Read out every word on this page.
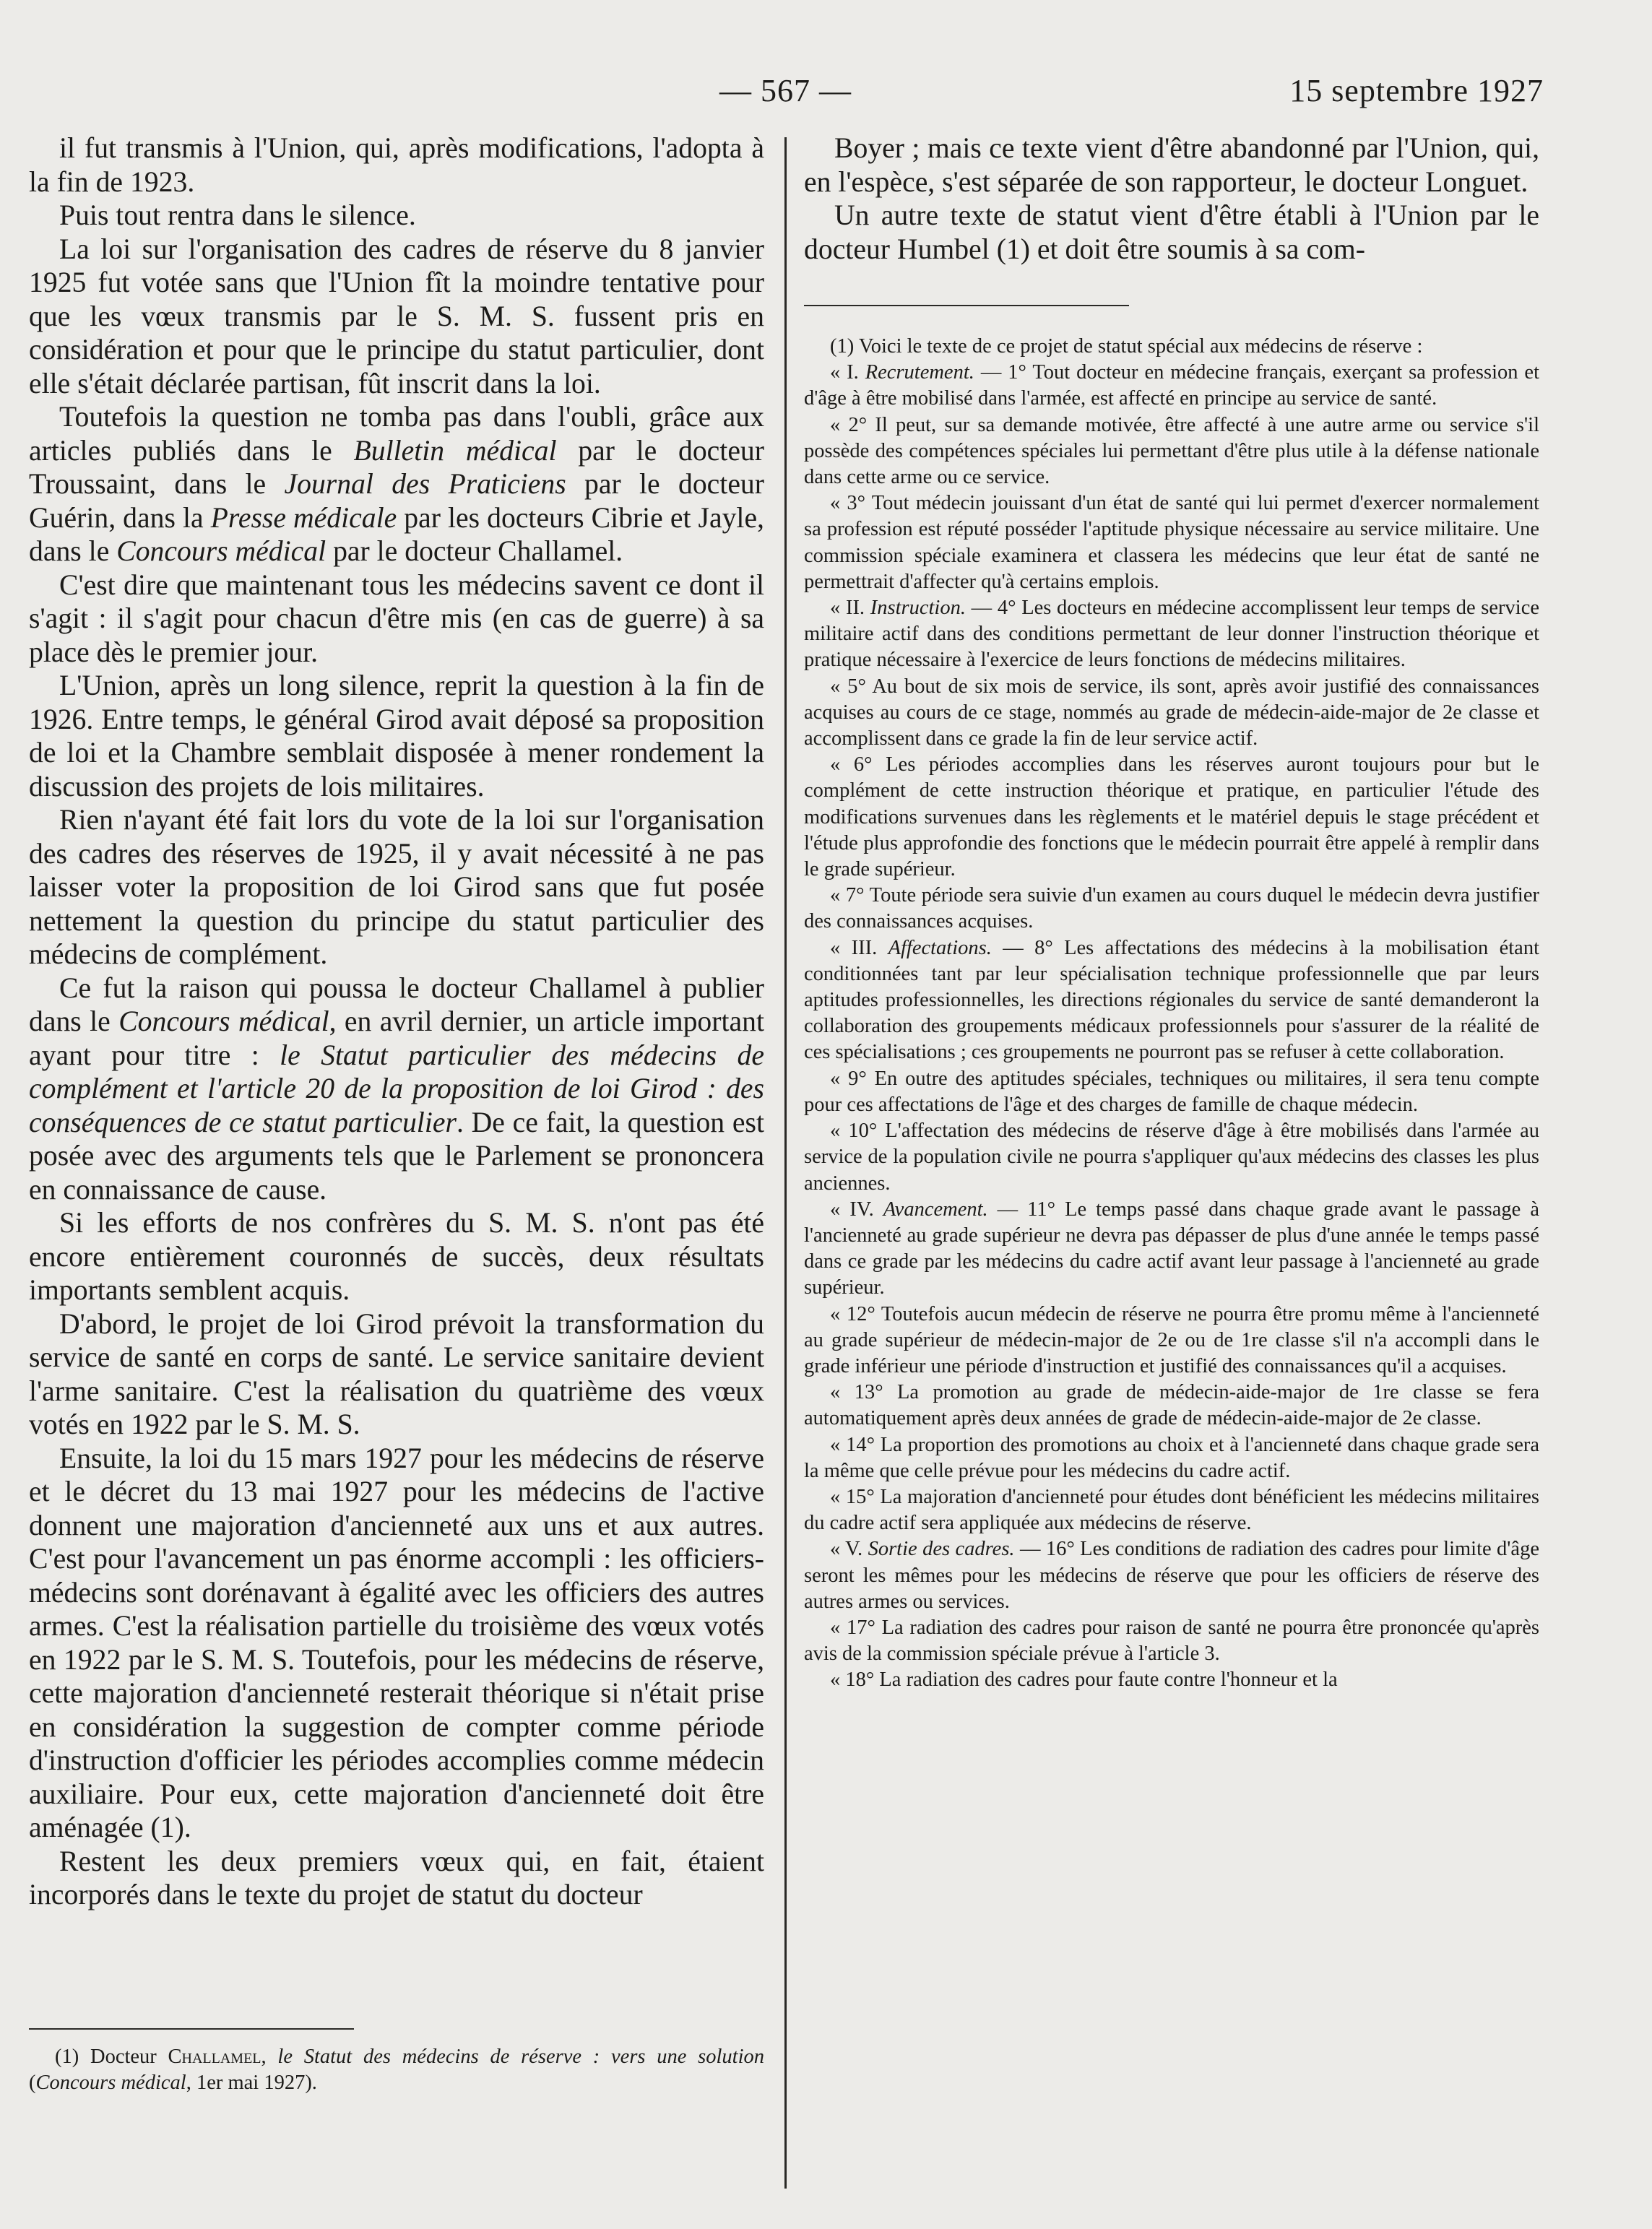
— 567 —	15 septembre 1927

il fut transmis à l'Union, qui, après modifications, l'adopta à la fin de 1923.

Puis tout rentra dans le silence.

La loi sur l'organisation des cadres de réserve du 8 janvier 1925 fut votée sans que l'Union fît la moindre tentative pour que les vœux transmis par le S. M. S. fussent pris en considération et pour que le principe du statut particulier, dont elle s'était déclarée partisan, fût inscrit dans la loi.

Toutefois la question ne tomba pas dans l'oubli, grâce aux articles publiés dans le Bulletin médical par le docteur Troussaint, dans le Journal des Praticiens par le docteur Guérin, dans la Presse médicale par les docteurs Cibrie et Jayle, dans le Concours médical par le docteur Challamel.

C'est dire que maintenant tous les médecins savent ce dont il s'agit : il s'agit pour chacun d'être mis (en cas de guerre) à sa place dès le premier jour.

L'Union, après un long silence, reprit la question à la fin de 1926. Entre temps, le général Girod avait déposé sa proposition de loi et la Chambre semblait disposée à mener rondement la discussion des projets de lois militaires.

Rien n'ayant été fait lors du vote de la loi sur l'organisation des cadres des réserves de 1925, il y avait nécessité à ne pas laisser voter la proposition de loi Girod sans que fut posée nettement la question du principe du statut particulier des médecins de complément.

Ce fut la raison qui poussa le docteur Challamel à publier dans le Concours médical, en avril dernier, un article important ayant pour titre : le Statut particulier des médecins de complément et l'article 20 de la proposition de loi Girod : des conséquences de ce statut particulier. De ce fait, la question est posée avec des arguments tels que le Parlement se prononcera en connaissance de cause.

Si les efforts de nos confrères du S. M. S. n'ont pas été encore entièrement couronnés de succès, deux résultats importants semblent acquis.

D'abord, le projet de loi Girod prévoit la transformation du service de santé en corps de santé. Le service sanitaire devient l'arme sanitaire. C'est la réalisation du quatrième des vœux votés en 1922 par le S. M. S.

Ensuite, la loi du 15 mars 1927 pour les médecins de réserve et le décret du 13 mai 1927 pour les médecins de l'active donnent une majoration d'ancienneté aux uns et aux autres. C'est pour l'avancement un pas énorme accompli : les officiers-médecins sont dorénavant à égalité avec les officiers des autres armes. C'est la réalisation partielle du troisième des vœux votés en 1922 par le S. M. S. Toutefois, pour les médecins de réserve, cette majoration d'ancienneté resterait théorique si n'était prise en considération la suggestion de compter comme période d'instruction d'officier les périodes accomplies comme médecin auxiliaire. Pour eux, cette majoration d'ancienneté doit être aménagée (1).

Restent les deux premiers vœux qui, en fait, étaient incorporés dans le texte du projet de statut du docteur

(1) Docteur Challamel, le Statut des médecins de réserve : vers une solution (Concours médical, 1er mai 1927).

Boyer ; mais ce texte vient d'être abandonné par l'Union, qui, en l'espèce, s'est séparée de son rapporteur, le docteur Longuet.

Un autre texte de statut vient d'être établi à l'Union par le docteur Humbel (1) et doit être soumis à sa com-

(1) Voici le texte de ce projet de statut spécial aux médecins de réserve :

« I. Recrutement. — 1° Tout docteur en médecine français, exerçant sa profession et d'âge à être mobilisé dans l'armée, est affecté en principe au service de santé.

« 2° Il peut, sur sa demande motivée, être affecté à une autre arme ou service s'il possède des compétences spéciales lui permettant d'être plus utile à la défense nationale dans cette arme ou ce service.

« 3° Tout médecin jouissant d'un état de santé qui lui permet d'exercer normalement sa profession est réputé posséder l'aptitude physique nécessaire au service militaire. Une commission spéciale examinera et classera les médecins que leur état de santé ne permettrait d'affecter qu'à certains emplois.

« II. Instruction. — 4° Les docteurs en médecine accomplissent leur temps de service militaire actif dans des conditions permettant de leur donner l'instruction théorique et pratique nécessaire à l'exercice de leurs fonctions de médecins militaires.

« 5° Au bout de six mois de service, ils sont, après avoir justifié des connaissances acquises au cours de ce stage, nommés au grade de médecin-aide-major de 2e classe et accomplissent dans ce grade la fin de leur service actif.

« 6° Les périodes accomplies dans les réserves auront toujours pour but le complément de cette instruction théorique et pratique, en particulier l'étude des modifications survenues dans les règlements et le matériel depuis le stage précédent et l'étude plus approfondie des fonctions que le médecin pourrait être appelé à remplir dans le grade supérieur.

« 7° Toute période sera suivie d'un examen au cours duquel le médecin devra justifier des connaissances acquises.

« III. Affectations. — 8° Les affectations des médecins à la mobilisation étant conditionnées tant par leur spécialisation technique professionnelle que par leurs aptitudes professionnelles, les directions régionales du service de santé demanderont la collaboration des groupements médicaux professionnels pour s'assurer de la réalité de ces spécialisations ; ces groupements ne pourront pas se refuser à cette collaboration.

« 9° En outre des aptitudes spéciales, techniques ou militaires, il sera tenu compte pour ces affectations de l'âge et des charges de famille de chaque médecin.

« 10° L'affectation des médecins de réserve d'âge à être mobilisés dans l'armée au service de la population civile ne pourra s'appliquer qu'aux médecins des classes les plus anciennes.

« IV. Avancement. — 11° Le temps passé dans chaque grade avant le passage à l'ancienneté au grade supérieur ne devra pas dépasser de plus d'une année le temps passé dans ce grade par les médecins du cadre actif avant leur passage à l'ancienneté au grade supérieur.

« 12° Toutefois aucun médecin de réserve ne pourra être promu même à l'ancienneté au grade supérieur de médecin-major de 2e ou de 1re classe s'il n'a accompli dans le grade inférieur une période d'instruction et justifié des connaissances qu'il a acquises.

« 13° La promotion au grade de médecin-aide-major de 1re classe se fera automatiquement après deux années de grade de médecin-aide-major de 2e classe.

« 14° La proportion des promotions au choix et à l'ancienneté dans chaque grade sera la même que celle prévue pour les médecins du cadre actif.

« 15° La majoration d'ancienneté pour études dont bénéficient les médecins militaires du cadre actif sera appliquée aux médecins de réserve.

« V. Sortie des cadres. — 16° Les conditions de radiation des cadres pour limite d'âge seront les mêmes pour les médecins de réserve que pour les officiers de réserve des autres armes ou services.

« 17° La radiation des cadres pour raison de santé ne pourra être prononcée qu'après avis de la commission spéciale prévue à l'article 3.

« 18° La radiation des cadres pour faute contre l'honneur et la
